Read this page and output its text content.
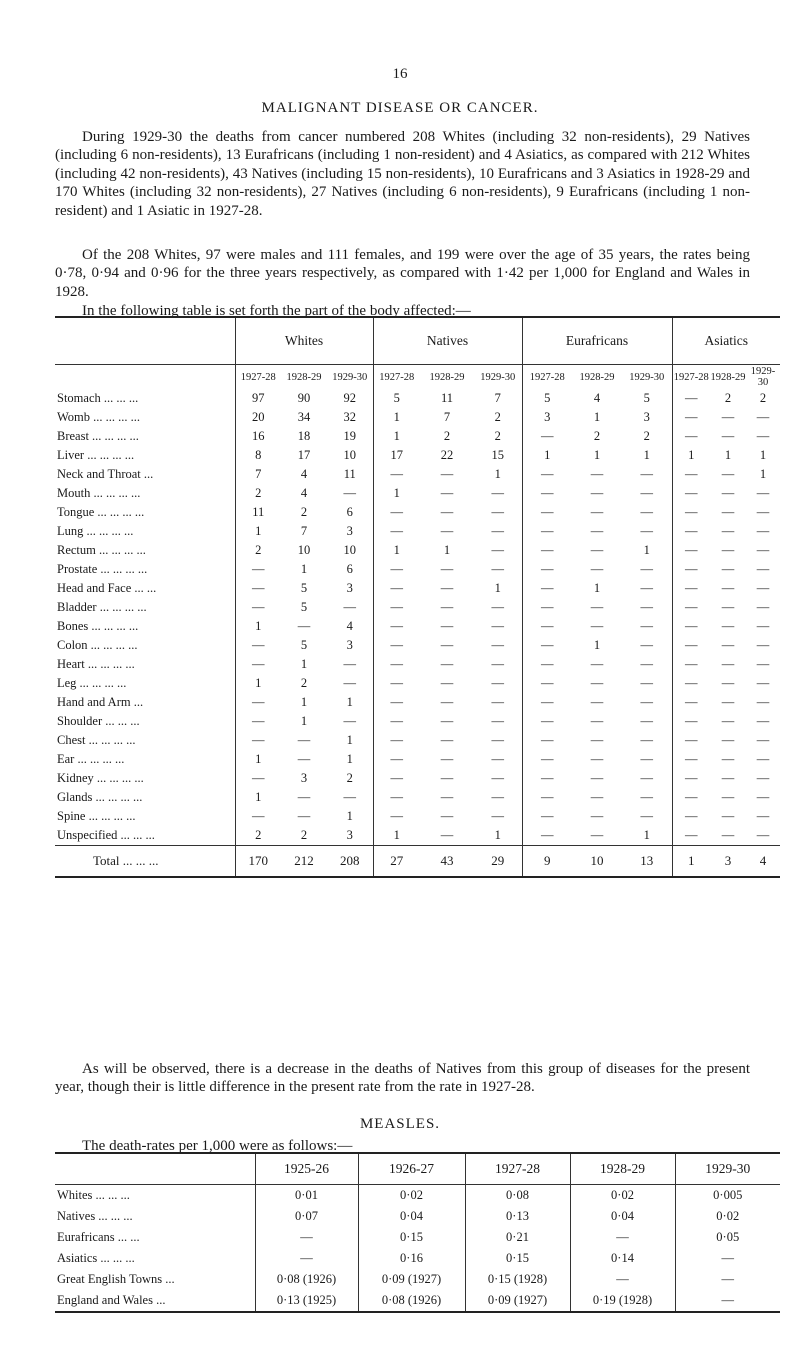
16
MALIGNANT DISEASE OR CANCER.
During 1929-30 the deaths from cancer numbered 208 Whites (including 32 non-residents), 29 Natives (including 6 non-residents), 13 Eurafricans (including 1 non-resident) and 4 Asiatics, as compared with 212 Whites (including 42 non-residents), 43 Natives (including 15 non-residents), 10 Eurafricans and 3 Asiatics in 1928-29 and 170 Whites (including 32 non-residents), 27 Natives (including 6 non-residents), 9 Eurafricans (including 1 non-resident) and 1 Asiatic in 1927-28.
Of the 208 Whites, 97 were males and 111 females, and 199 were over the age of 35 years, the rates being 0·78, 0·94 and 0·96 for the three years respectively, as compared with 1·42 per 1,000 for England and Wales in 1928.
In the following table is set forth the part of the body affected:—
	Whites			Natives			Eurafricans			Asiatics		
	1927-28	1928-29	1929-30	1927-28	1928-29	1929-30	1927-28	1928-29	1929-30	1927-28	1928-29	1929-30
Stomach ... ... ...	97	90	92	5	11	7	5	4	5	—	2	2
Womb ... ... ... ...	20	34	32	1	7	2	3	1	3	—	—	—
Breast ... ... ... ...	16	18	19	1	2	2	—	2	2	—	—	—
Liver ... ... ... ...	8	17	10	17	22	15	1	1	1	1	1	1
Neck and Throat ...	7	4	11	—	—	1	—	—	—	—	—	1
Mouth ... ... ... ...	2	4	—	1	—	—	—	—	—	—	—	—
Tongue ... ... ... ...	11	2	6	—	—	—	—	—	—	—	—	—
Lung ... ... ... ...	1	7	3	—	—	—	—	—	—	—	—	—
Rectum ... ... ... ...	2	10	10	1	1	—	—	—	1	—	—	—
Prostate ... ... ... ...	—	1	6	—	—	—	—	—	—	—	—	—
Head and Face ... ...	—	5	3	—	—	1	—	1	—	—	—	—
Bladder ... ... ... ...	—	5	—	—	—	—	—	—	—	—	—	—
Bones ... ... ... ...	1	—	4	—	—	—	—	—	—	—	—	—
Colon ... ... ... ...	—	5	3	—	—	—	—	1	—	—	—	—
Heart ... ... ... ...	—	1	—	—	—	—	—	—	—	—	—	—
Leg ... ... ... ...	1	2	—	—	—	—	—	—	—	—	—	—
Hand and Arm ...	—	1	1	—	—	—	—	—	—	—	—	—
Shoulder ... ... ...	—	1	—	—	—	—	—	—	—	—	—	—
Chest ... ... ... ...	—	—	1	—	—	—	—	—	—	—	—	—
Ear ... ... ... ...	1	—	1	—	—	—	—	—	—	—	—	—
Kidney ... ... ... ...	—	3	2	—	—	—	—	—	—	—	—	—
Glands ... ... ... ...	1	—	—	—	—	—	—	—	—	—	—	—
Spine ... ... ... ...	—	—	1	—	—	—	—	—	—	—	—	—
Unspecified ... ... ...	2	2	3	1	—	1	—	—	1	—	—	—
Total ... ... ...	170	212	208	27	43	29	9	10	13	1	3	4
As will be observed, there is a decrease in the deaths of Natives from this group of diseases for the present year, though their is little difference in the present rate from the rate in 1927-28.
MEASLES.
The death-rates per 1,000 were as follows:—
	1925-26	1926-27	1927-28	1928-29	1929-30
Whites ... ... ...	0·01	0·02	0·08	0·02	0·005
Natives ... ... ...	0·07	0·04	0·13	0·04	0·02
Eurafricans ... ...	—	0·15	0·21	—	0·05
Asiatics ... ... ...	—	0·16	0·15	0·14	—
Great English Towns ...	0·08 (1926)	0·09 (1927)	0·15 (1928)	—	—
England and Wales ...	0·13 (1925)	0·08 (1926)	0·09 (1927)	0·19 (1928)	—
